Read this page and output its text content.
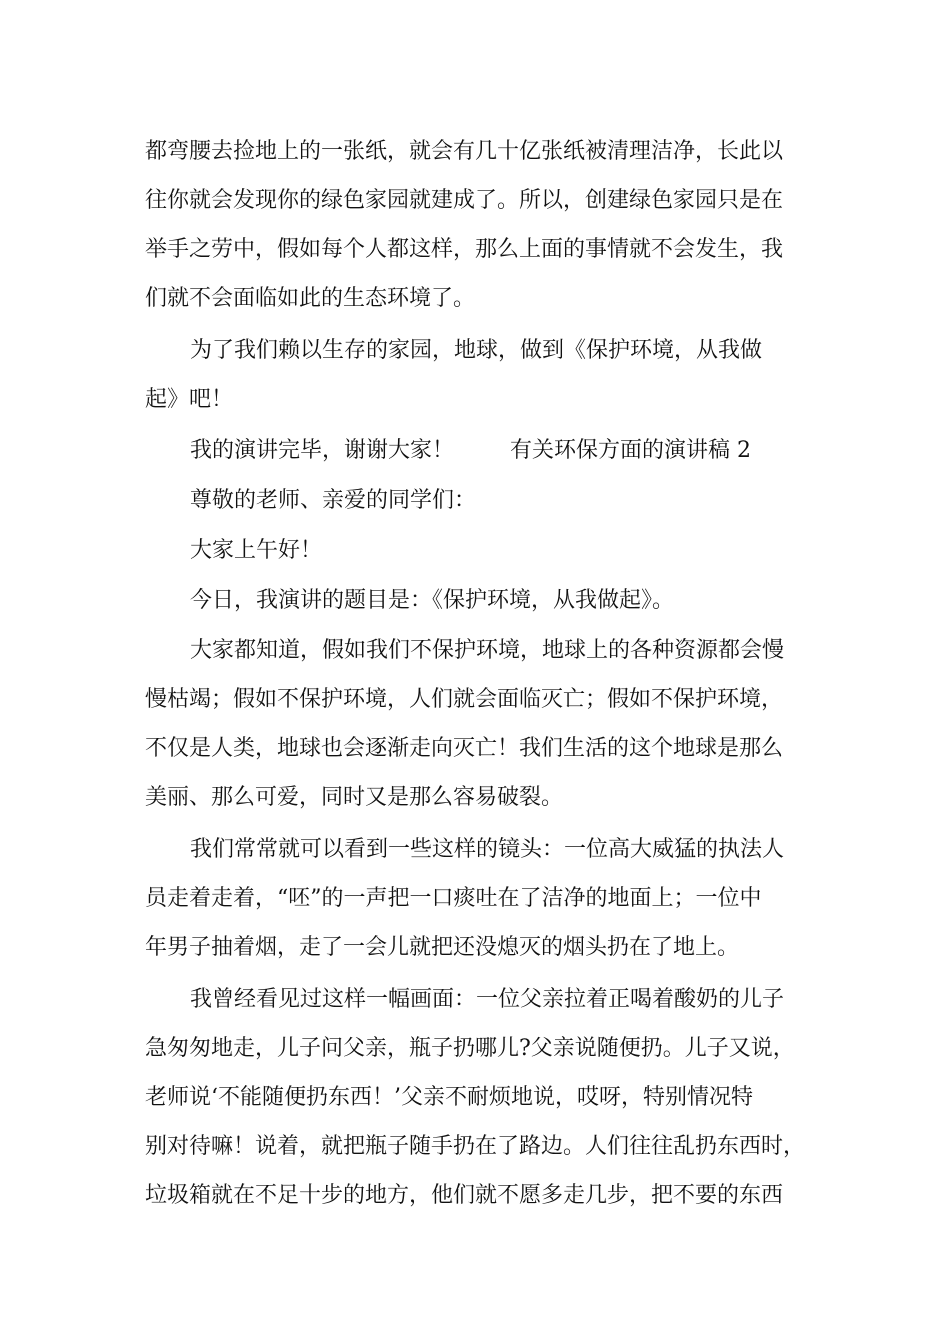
都弯腰去捡地上的一张纸，就会有几十亿张纸被清理洁净，长此以
往你就会发现你的绿色家园就建成了。所以，创建绿色家园只是在
举手之劳中，假如每个人都这样，那么上面的事情就不会发生，我
们就不会面临如此的生态环境了。
为了我们赖以生存的家园，地球，做到《保护环境，从我做
起》吧！
我的演讲完毕，谢谢大家！	有关环保方面的演讲稿 2
尊敬的老师、亲爱的同学们：
大家上午好！
今日，我演讲的题目是：《保护环境，从我做起》。
大家都知道，假如我们不保护环境，地球上的各种资源都会慢
慢枯竭；假如不保护环境，人们就会面临灭亡；假如不保护环境，
不仅是人类，地球也会逐渐走向灭亡！我们生活的这个地球是那么
美丽、那么可爱，同时又是那么容易破裂。
我们常常就可以看到一些这样的镜头：一位高大威猛的执法人
员走着走着，“呸”的一声把一口痰吐在了洁净的地面上；一位中
年男子抽着烟，走了一会儿就把还没熄灭的烟头扔在了地上。
我曾经看见过这样一幅画面：一位父亲拉着正喝着酸奶的儿子
急匆匆地走，儿子问父亲，瓶子扔哪儿?父亲说随便扔。儿子又说，
老师说‘不能随便扔东西！’父亲不耐烦地说，哎呀，特别情况特
别对待嘛！说着，就把瓶子随手扔在了路边。人们往往乱扔东西时，
垃圾箱就在不足十步的地方，他们就不愿多走几步，把不要的东西
